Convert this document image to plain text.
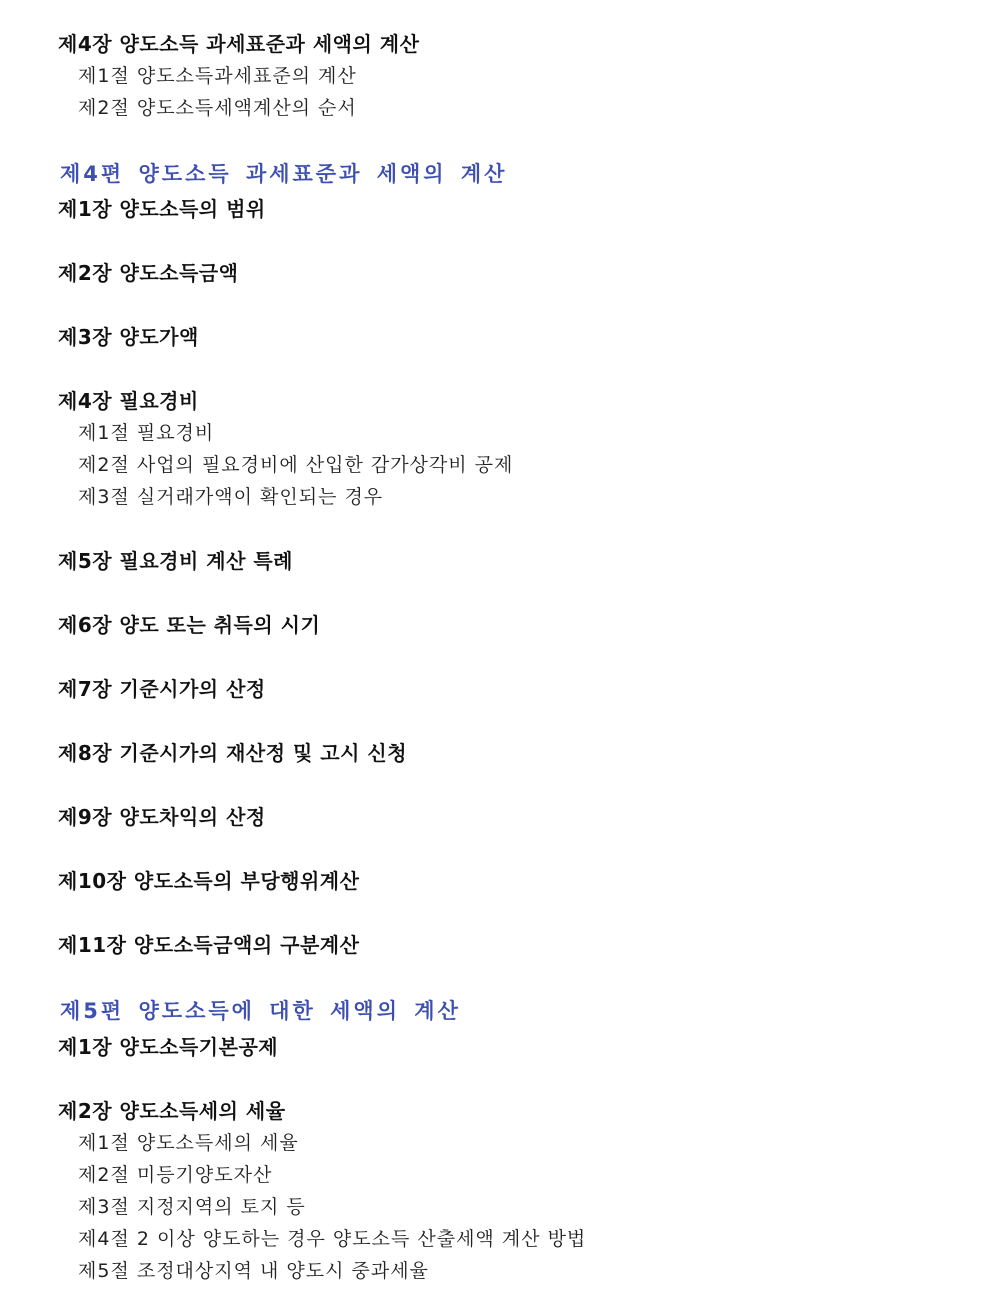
제4장 양도소득 과세표준과 세액의 계산
제1절 양도소득과세표준의 계산
제2절 양도소득세액계산의 순서
제4편 양도소득 과세표준과 세액의 계산
제1장 양도소득의 범위
제2장 양도소득금액
제3장 양도가액
제4장 필요경비
제1절 필요경비
제2절 사업의 필요경비에 산입한 감가상각비 공제
제3절 실거래가액이 확인되는 경우
제5장 필요경비 계산 특례
제6장 양도 또는 취득의 시기
제7장 기준시가의 산정
제8장 기준시가의 재산정 및 고시 신청
제9장 양도차익의 산정
제10장 양도소득의 부당행위계산
제11장 양도소득금액의 구분계산
제5편 양도소득에 대한 세액의 계산
제1장 양도소득기본공제
제2장 양도소득세의 세율
제1절 양도소득세의 세율
제2절 미등기양도자산
제3절 지정지역의 토지 등
제4절 2 이상 양도하는 경우 양도소득 산출세액 계산 방법
제5절 조정대상지역 내 양도시 중과세율
